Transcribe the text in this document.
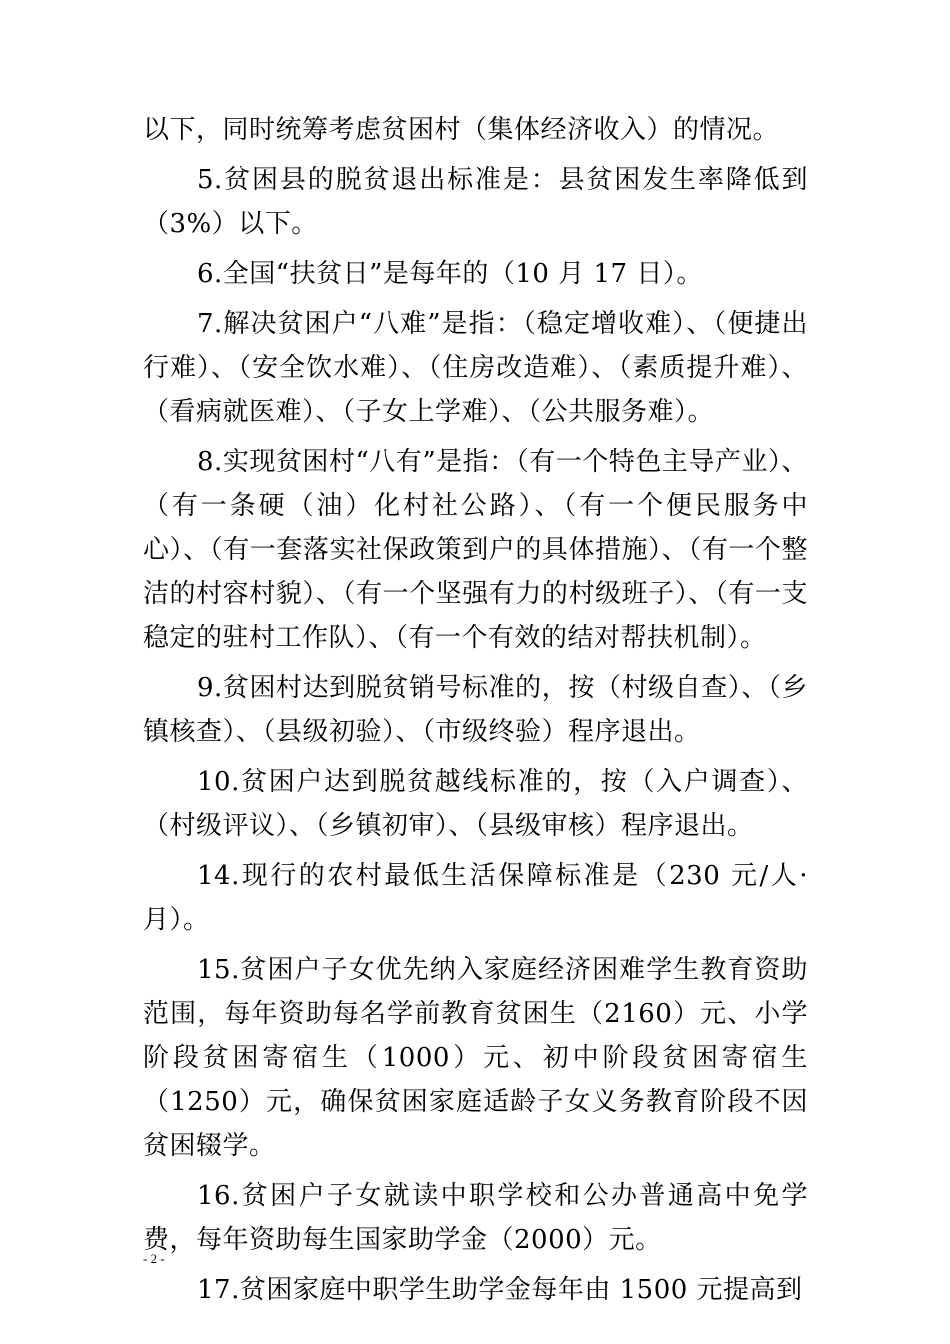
以下，同时统筹考虑贫困村（集体经济收入）的情况。

5.贫困县的脱贫退出标准是：县贫困发生率降低到（3%）以下。

6.全国“扶贫日”是每年的（10 月 17 日）。

7.解决贫困户“八难”是指：（稳定增收难）、（便捷出行难）、（安全饮水难）、（住房改造难）、（素质提升难）、（看病就医难）、（子女上学难）、（公共服务难）。

8.实现贫困村“八有”是指：（有一个特色主导产业）、（有一条硬（油）化村社公路）、（有一个便民服务中心）、（有一套落实社保政策到户的具体措施）、（有一个整洁的村容村貌）、（有一个坚强有力的村级班子）、（有一支稳定的驻村工作队）、（有一个有效的结对帮扶机制）。

9.贫困村达到脱贫销号标准的，按（村级自查）、（乡镇核查）、（县级初验）、（市级终验）程序退出。

10.贫困户达到脱贫越线标准的，按（入户调查）、（村级评议）、（乡镇初审）、（县级审核）程序退出。

14.现行的农村最低生活保障标准是（230 元/人·月）。

15.贫困户子女优先纳入家庭经济困难学生教育资助范围，每年资助每名学前教育贫困生（2160）元、小学阶段贫困寄宿生（1000）元、初中阶段贫困寄宿生（1250）元，确保贫困家庭适龄子女义务教育阶段不因贫困辍学。

16.贫困户子女就读中职学校和公办普通高中免学费，每年资助每生国家助学金（2000）元。

17.贫困家庭中职学生助学金每年由 1500 元提高到

- 2 -
